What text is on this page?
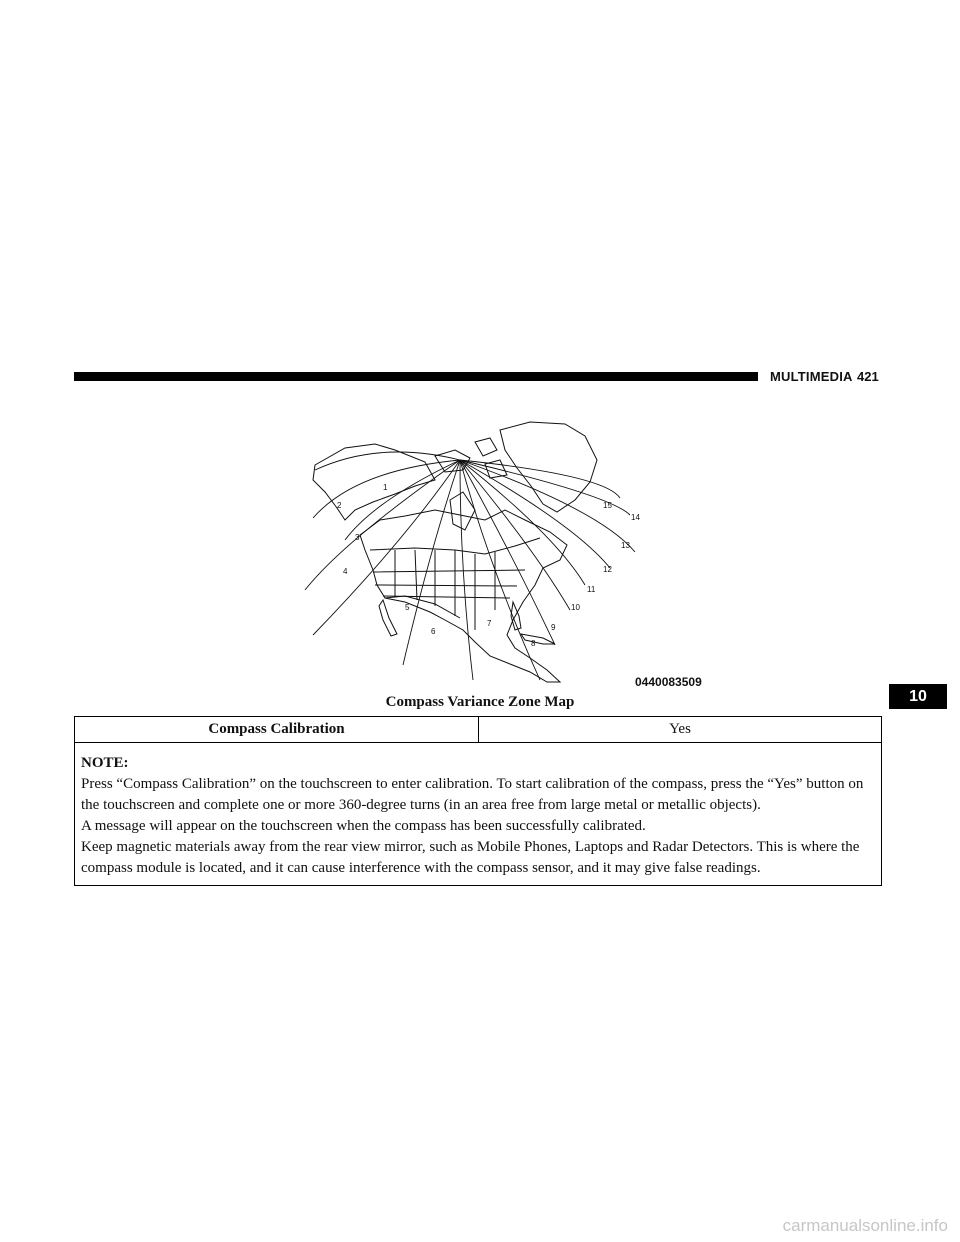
MULTIMEDIA 421
1
2
3
4
5
6
7
8
9
10
11
12
13
14
15
0440083509
Compass Variance Zone Map
Compass Calibration	Yes
NOTE:
Press “Compass Calibration” on the touchscreen to enter calibration. To start calibration of the compass, press the “Yes” button on the touchscreen and complete one or more 360-degree turns (in an area free from large metal or metallic objects).
A message will appear on the touchscreen when the compass has been successfully calibrated.
Keep magnetic materials away from the rear view mirror, such as Mobile Phones, Laptops and Radar Detectors. This is where the compass module is located, and it can cause interference with the compass sensor, and it may give false readings.
10
carmanualsonline.info
